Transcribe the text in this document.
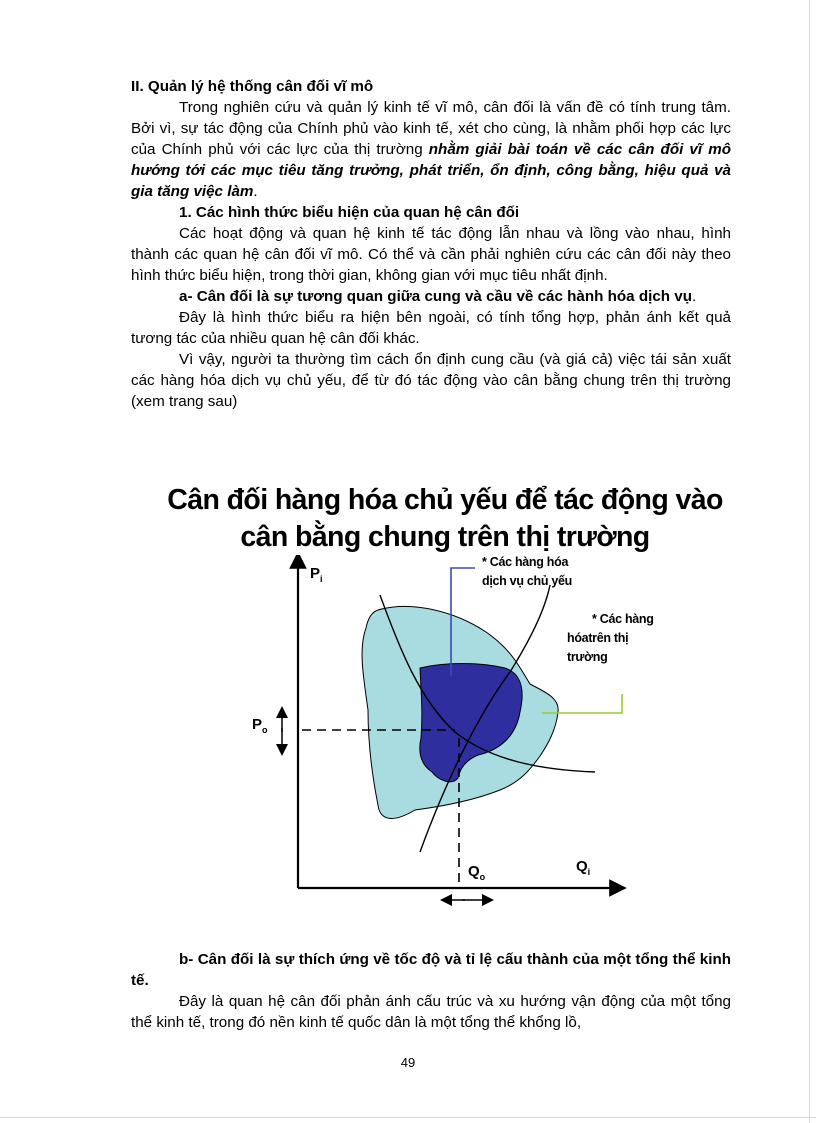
II. Quản lý hệ thống cân đối vĩ mô

Trong nghiên cứu và quản lý kinh tế vĩ mô, cân đối là vấn đề có tính trung tâm. Bởi vì, sự tác động của Chính phủ vào kinh tế, xét cho cùng, là nhằm phối hợp các lực của Chính phủ với các lực của thị trường nhằm giải bài toán về các cân đối vĩ mô hướng tới các mục tiêu tăng trưởng, phát triển, ổn định, công bằng, hiệu quả và gia tăng việc làm.

1. Các hình thức biểu hiện của quan hệ cân đối

Các hoạt động và quan hệ kinh tế tác động lẫn nhau và lồng vào nhau, hình thành các quan hệ cân đối vĩ mô. Có thể và cần phải nghiên cứu các cân đối này theo hình thức biểu hiện, trong thời gian, không gian với mục tiêu nhất định.

a- Cân đối là sự tương quan giữa cung và cầu về các hành hóa dịch vụ.

Đây là hình thức biểu ra hiện bên ngoài, có tính tổng hợp, phản ánh kết quả tương tác của nhiều quan hệ cân đối khác.

Vì vậy, người ta thường tìm cách ổn định cung cầu (và giá cả) việc tái sản xuất các hàng hóa dịch vụ chủ yếu, để từ đó tác động vào cân bằng chung trên thị trường (xem trang sau)

Cân đối hàng hóa chủ yếu để tác động vào
cân bằng chung trên thị trường
$P_i$
$Q_i$
$P_o$
$Q_o$
* Các hàng hóa dịch vụ chủ yếu
* Các hàng hóatrên thị trường

b- Cân đối là sự thích ứng về tốc độ và tỉ lệ cấu thành của một tổng thể kinh tế.

Đây là quan hệ cân đối phản ánh cấu trúc và xu hướng vận động của một tổng thể kinh tế, trong đó nền kinh tế quốc dân là một tổng thể khổng lồ,

49
